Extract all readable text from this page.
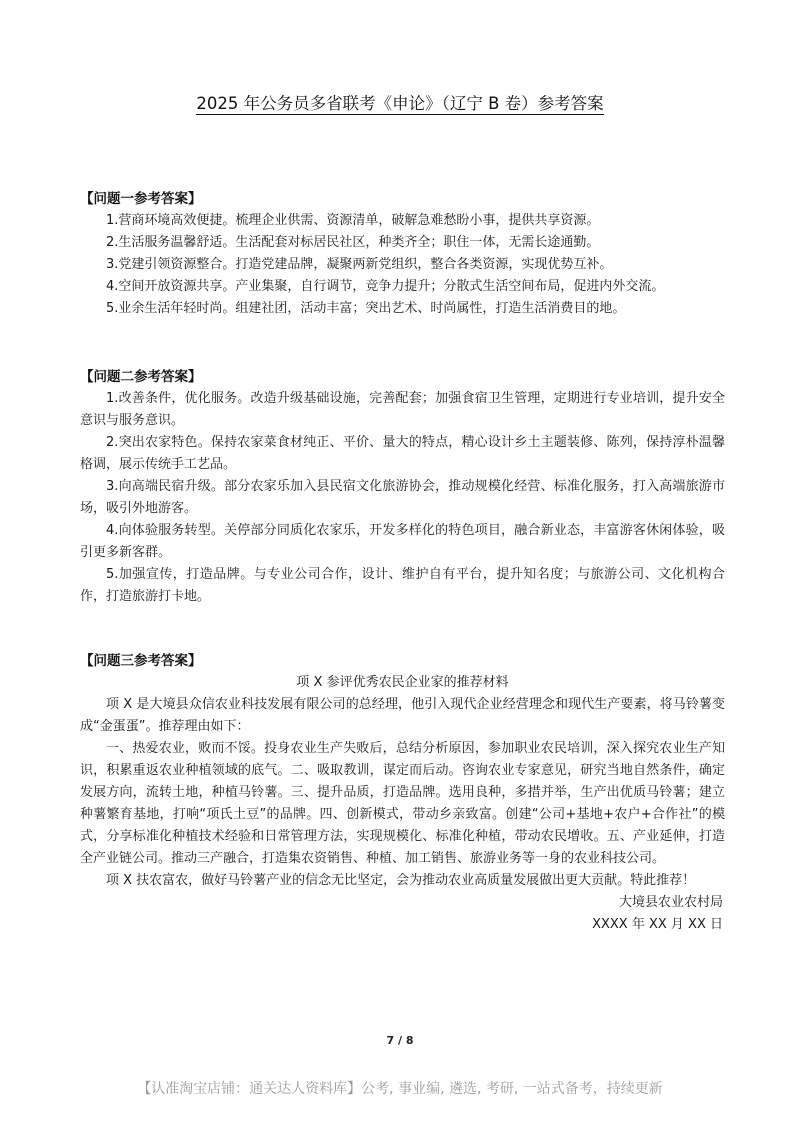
2025 年公务员多省联考《申论》（辽宁 B 卷）参考答案
【问题一参考答案】

1.营商环境高效便捷。梳理企业供需、资源清单，破解急难愁盼小事，提供共享资源。

2.生活服务温馨舒适。生活配套对标居民社区，种类齐全；职住一体，无需长途通勤。

3.党建引领资源整合。打造党建品牌，凝聚两新党组织，整合各类资源，实现优势互补。

4.空间开放资源共享。产业集聚，自行调节，竞争力提升；分散式生活空间布局，促进内外交流。

5.业余生活年轻时尚。组建社团，活动丰富；突出艺术、时尚属性，打造生活消费目的地。

【问题二参考答案】

1.改善条件，优化服务。改造升级基础设施，完善配套；加强食宿卫生管理，定期进行专业培训，提升安全意识与服务意识。

2.突出农家特色。保持农家菜食材纯正、平价、量大的特点，精心设计乡土主题装修、陈列，保持淳朴温馨格调，展示传统手工艺品。

3.向高端民宿升级。部分农家乐加入县民宿文化旅游协会，推动规模化经营、标准化服务，打入高端旅游市场，吸引外地游客。

4.向体验服务转型。关停部分同质化农家乐，开发多样化的特色项目，融合新业态，丰富游客休闲体验，吸引更多新客群。

5.加强宣传，打造品牌。与专业公司合作，设计、维护自有平台，提升知名度；与旅游公司、文化机构合作，打造旅游打卡地。

【问题三参考答案】
项 X 参评优秀农民企业家的推荐材料

项 X 是大境县众信农业科技发展有限公司的总经理，他引入现代企业经营理念和现代生产要素，将马铃薯变成“金蛋蛋”。推荐理由如下：

一、热爱农业，败而不馁。投身农业生产失败后，总结分析原因，参加职业农民培训，深入探究农业生产知识，积累重返农业种植领域的底气。二、吸取教训，谋定而后动。咨询农业专家意见，研究当地自然条件，确定发展方向，流转土地，种植马铃薯。三、提升品质，打造品牌。选用良种，多措并举，生产出优质马铃薯；建立种薯繁育基地，打响“项氏土豆”的品牌。四、创新模式，带动乡亲致富。创建“公司+基地+农户+合作社”的模式，分享标准化种植技术经验和日常管理方法，实现规模化、标准化种植，带动农民增收。五、产业延伸，打造全产业链公司。推动三产融合，打造集农资销售、种植、加工销售、旅游业务等一身的农业科技公司。

项 X 扶农富农，做好马铃薯产业的信念无比坚定，会为推动农业高质量发展做出更大贡献。特此推荐！

大境县农业农村局
XXXX 年 XX 月 XX 日
7 / 8
【认准淘宝店铺：通关达人资料库】公考, 事业编, 遴选, 考研, 一站式备考，持续更新
